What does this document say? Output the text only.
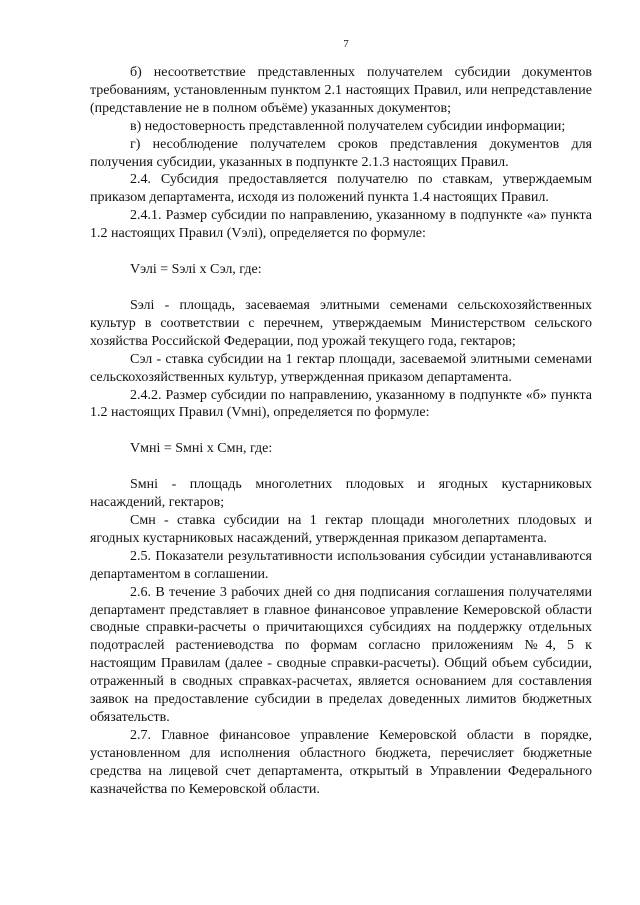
7

б) несоответствие представленных получателем субсидии документов требованиям, установленным пунктом 2.1 настоящих Правил, или непредставление (представление не в полном объёме) указанных документов;

в) недостоверность представленной получателем субсидии информации;

г) несоблюдение получателем сроков представления документов для получения субсидии, указанных в подпункте 2.1.3 настоящих Правил.

2.4. Субсидия предоставляется получателю по ставкам, утверждаемым приказом департамента, исходя из положений пункта 1.4 настоящих Правил.

2.4.1. Размер субсидии по направлению, указанному в подпункте «а» пункта 1.2 настоящих Правил (Vэлi), определяется по формуле:

Vэлi = Sэлi х Сэл, где:

Sэлi - площадь, засеваемая элитными семенами сельскохозяйственных культур в соответствии с перечнем, утверждаемым Министерством сельского хозяйства Российской Федерации, под урожай текущего года, гектаров;

Сэл - ставка субсидии на 1 гектар площади, засеваемой элитными семенами сельскохозяйственных культур, утвержденная приказом департамента.

2.4.2. Размер субсидии по направлению, указанному в подпункте «б» пункта 1.2 настоящих Правил (Vмнi), определяется по формуле:

Vмнi = Sмнi х Смн, где:

Sмнi - площадь многолетних плодовых и ягодных кустарниковых насаждений, гектаров;

Смн - ставка субсидии на 1 гектар площади многолетних плодовых и ягодных кустарниковых насаждений, утвержденная приказом департамента.

2.5. Показатели результативности использования субсидии устанавливаются департаментом в соглашении.

2.6. В течение 3 рабочих дней со дня подписания соглашения получателями департамент представляет в главное финансовое управление Кемеровской области сводные справки-расчеты о причитающихся субсидиях на поддержку отдельных подотраслей растениеводства по формам согласно приложениям №4, 5 к настоящим Правилам (далее - сводные справки-расчеты). Общий объем субсидии, отраженный в сводных справках-расчетах, является основанием для составления заявок на предоставление субсидии в пределах доведенных лимитов бюджетных обязательств.

2.7. Главное финансовое управление Кемеровской области в порядке, установленном для исполнения областного бюджета, перечисляет бюджетные средства на лицевой счет департамента, открытый в Управлении Федерального казначейства по Кемеровской области.
